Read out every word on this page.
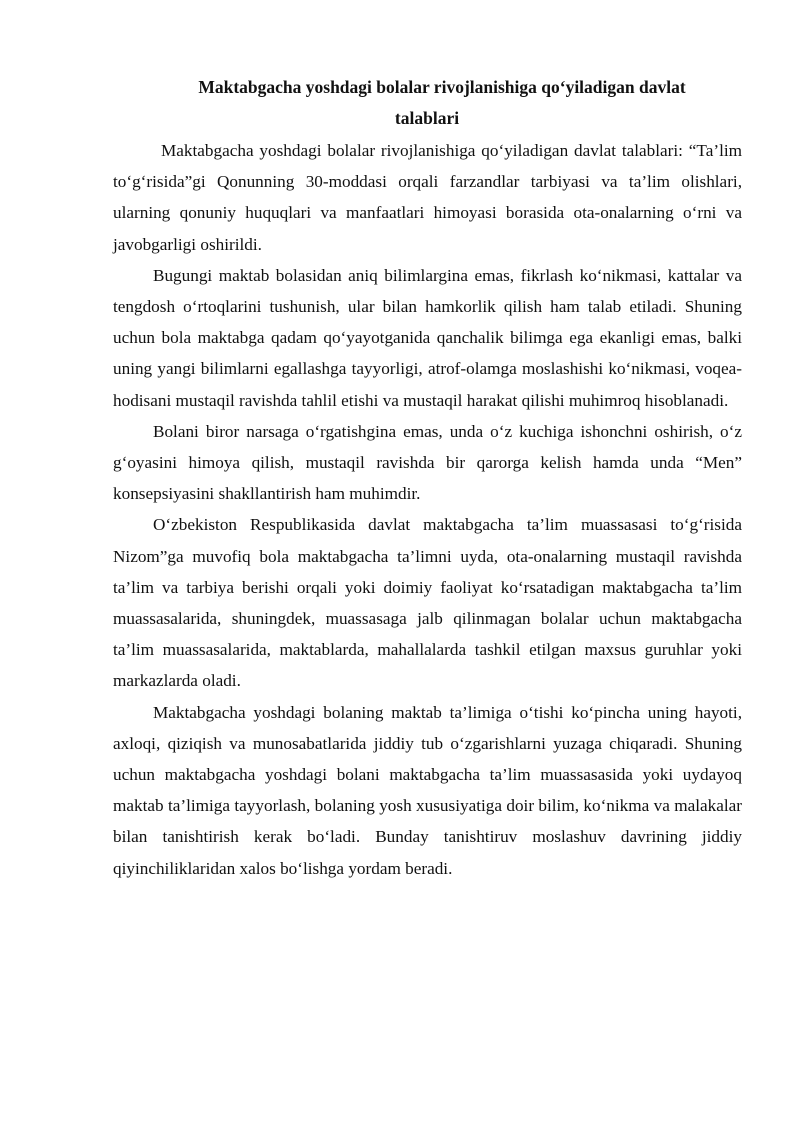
Maktabgacha yoshdagi bolalar rivojlanishiga qo‘yiladigan davlat
talablari

Maktabgacha yoshdagi bolalar rivojlanishiga qo‘yiladigan davlat talablari: “Ta’lim to‘g‘risida”gi Qonunning 30-moddasi orqali farzandlar tarbiyasi va ta’lim olishlari, ularning qonuniy huquqlari va manfaatlari himoyasi borasida ota-onalarning o‘rni va javobgarligi oshirildi.

Bugungi maktab bolasidan aniq bilimlargina emas, fikrlash ko‘nikmasi, kattalar va tengdosh o‘rtoqlarini tushunish, ular bilan hamkorlik qilish ham talab etiladi. Shuning uchun bola maktabga qadam qo‘yayotganida qanchalik bilimga ega ekanligi emas, balki uning yangi bilimlarni egallashga tayyorligi, atrof-olamga moslashishi ko‘nikmasi, voqea-hodisani mustaqil ravishda tahlil etishi va mustaqil harakat qilishi muhimroq hisoblanadi.

Bolani biror narsaga o‘rgatishgina emas, unda o‘z kuchiga ishonchni oshirish, o‘z g‘oyasini himoya qilish, mustaqil ravishda bir qarorga kelish hamda unda “Men” konsepsiyasini shakllantirish ham muhimdir.

O‘zbekiston Respublikasida davlat maktabgacha ta’lim muassasasi to‘g‘risida Nizom”ga muvofiq bola maktabgacha ta’limni uyda, ota-onalarning mustaqil ravishda ta’lim va tarbiya berishi orqali yoki doimiy faoliyat ko‘rsatadigan maktabgacha ta’lim muassasalarida, shuningdek, muassasaga jalb qilinmagan bolalar uchun maktabgacha ta’lim muassasalarida, maktablarda, mahallalarda tashkil etilgan maxsus guruhlar yoki markazlarda oladi.

Maktabgacha yoshdagi bolaning maktab ta’limiga o‘tishi ko‘pincha uning hayoti, axloqi, qiziqish va munosabatlarida jiddiy tub o‘zgarishlarni yuzaga chiqaradi. Shuning uchun maktabgacha yoshdagi bolani maktabgacha ta’lim muassasasida yoki uydayoq maktab ta’limiga tayyorlash, bolaning yosh xususiyatiga doir bilim, ko‘nikma va malakalar bilan tanishtirish kerak bo‘ladi. Bunday tanishtiruv moslashuv davrining jiddiy qiyinchiliklaridan xalos bo‘lishga yordam beradi.
